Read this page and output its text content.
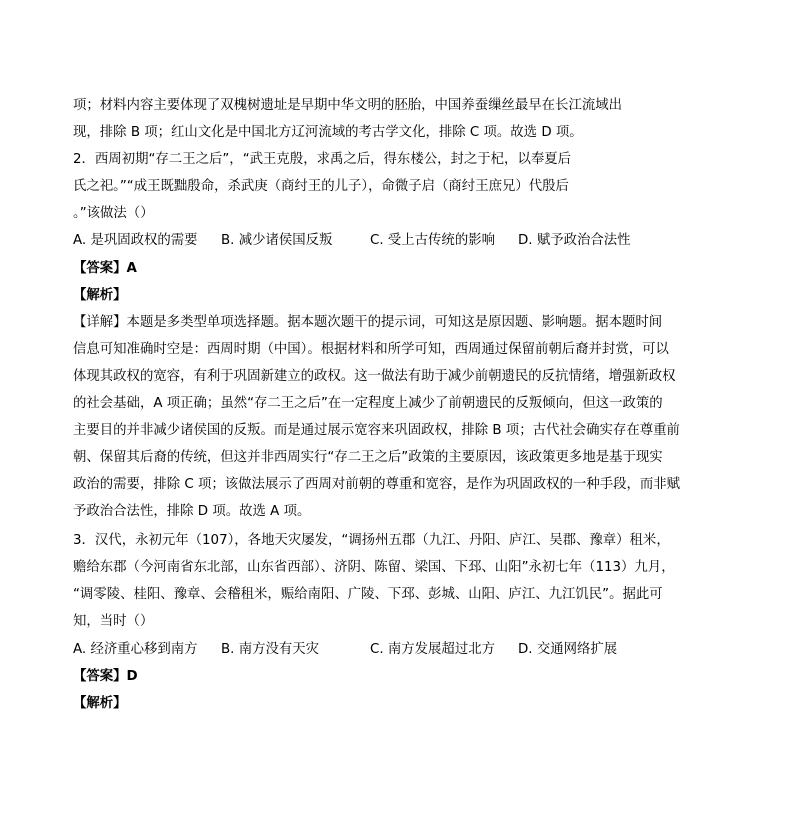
项；材料内容主要体现了双槐树遗址是早期中华文明的胚胎，中国养蚕缫丝最早在长江流域出
现，排除 B 项；红山文化是中国北方辽河流域的考古学文化，排除 C 项。故选 D 项。
2．西周初期“存二王之后”，“武王克殷，求禹之后，得东楼公，封之于杞，以奉夏后
氏之祀。”“成王既黜殷命，杀武庚（商纣王的儿子），命微子启（商纣王庶兄）代殷后
。”该做法（）
A. 是巩固政权的需要 B. 减少诸侯国反叛	C. 受上古传统的影响 D. 赋予政治合法性
【答案】A
【解析】
【详解】本题是多类型单项选择题。据本题次题干的提示词，可知这是原因题、影响题。据本题时间
信息可知准确时空是：西周时期（中国）。根据材料和所学可知，西周通过保留前朝后裔并封赏，可以
体现其政权的宽容，有利于巩固新建立的政权。这一做法有助于减少前朝遗民的反抗情绪，增强新政权
的社会基础，A 项正确；虽然“存二王之后”在一定程度上减少了前朝遗民的反叛倾向，但这一政策的
主要目的并非减少诸侯国的反叛。而是通过展示宽容来巩固政权，排除 B 项；古代社会确实存在尊重前
朝、保留其后裔的传统，但这并非西周实行“存二王之后”政策的主要原因，该政策更多地是基于现实
政治的需要，排除 C 项；该做法展示了西周对前朝的尊重和宽容，是作为巩固政权的一种手段，而非赋
予政治合法性，排除 D 项。故选 A 项。
3．汉代，永初元年（107），各地天灾屡发，“调扬州五郡（九江、丹阳、庐江、吴郡、豫章）租米，
赡给东郡（今河南省东北部，山东省西部）、济阴、陈留、梁国、下邳、山阳”永初七年（113）九月，
“调零陵、桂阳、豫章、会稽租米，赈给南阳、广陵、下邳、彭城、山阳、庐江、九江饥民”。据此可
知，当时（）
A. 经济重心移到南方 B. 南方没有天灾	C. 南方发展超过北方 D. 交通网络扩展
【答案】D
【解析】
